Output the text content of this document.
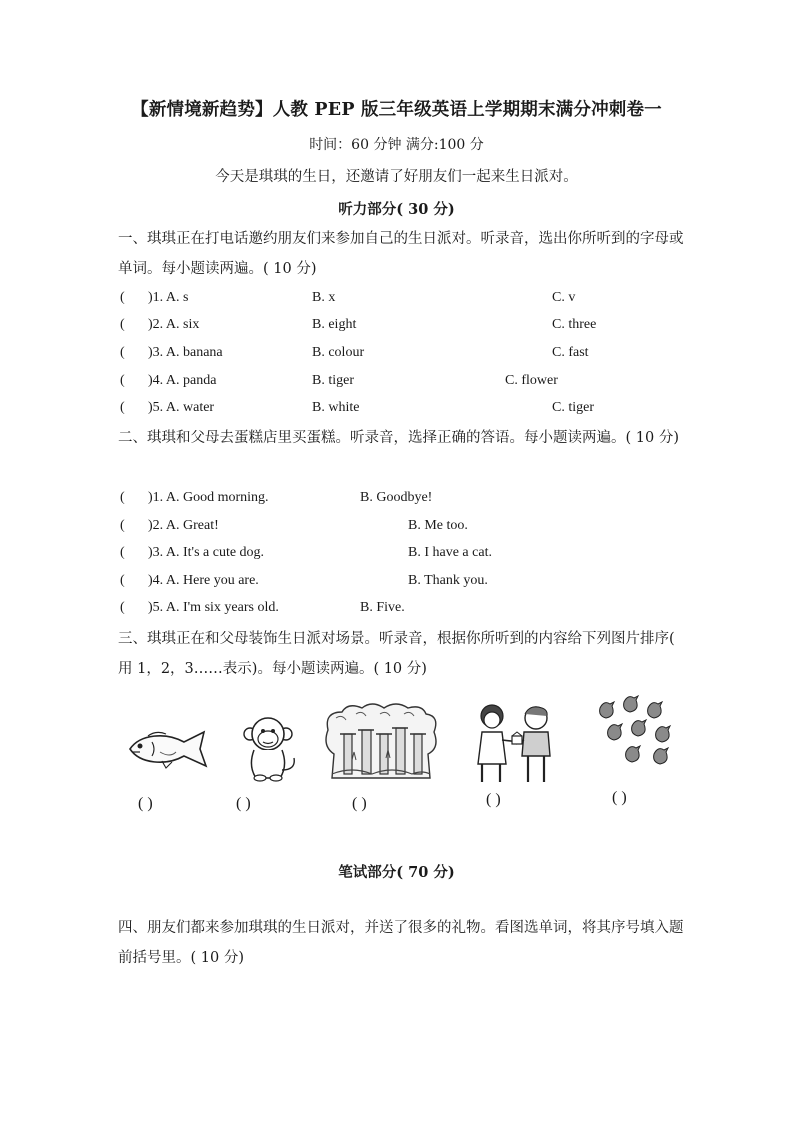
【新情境新趋势】人教 PEP 版三年级英语上学期期末满分冲刺卷一
时间：60 分钟 满分:100 分
今天是琪琪的生日，还邀请了好朋友们一起来生日派对。
听力部分( 30 分)
一、琪琪正在打电话邀约朋友们来参加自己的生日派对。听录音，选出你所听到的字母或单词。每小题读两遍。( 10 分)
( )1. A. s	B. x	C. v
( )2. A. six	B. eight	C. three
( )3. A. banana	B. colour	C. fast
( )4. A. panda	B. tiger	C. flower
( )5. A. water	B. white	C. tiger
二、琪琪和父母去蛋糕店里买蛋糕。听录音，选择正确的答语。每小题读两遍。( 10 分)
( )1. A. Good morning.	B. Goodbye!
( )2. A. Great!	B. Me too.
( )3. A. It's a cute dog.	B. I have a cat.
( )4. A. Here you are.	B. Thank you.
( )5. A. I'm six years old.	B. Five.
三、琪琪正在和父母装饰生日派对场景。听录音，根据你所听到的内容给下列图片排序( 用 1，2，3……表示)。每小题读两遍。( 10 分)
( )	( )	( )	( )	( )
笔试部分( 70 分)
四、朋友们都来参加琪琪的生日派对，并送了很多的礼物。看图选单词，将其序号填入题前括号里。( 10 分)
